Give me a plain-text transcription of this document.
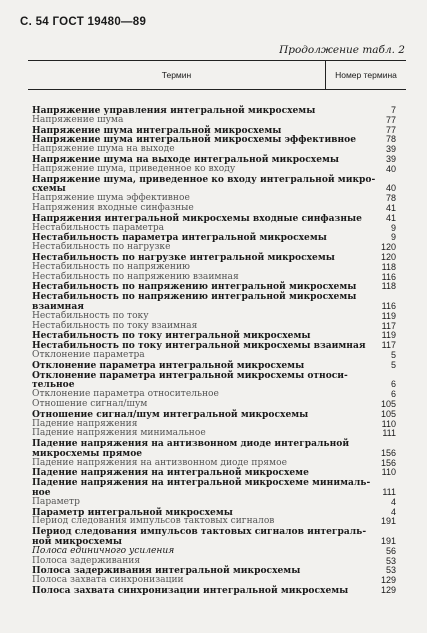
С. 54 ГОСТ 19480—89
Продолжение табл. 2
Термин	Номер термина
Напряжение управления интегральной микросхемы	7
Напряжение шума	77
Напряжение шума интегральной микросхемы	77
Напряжение шума интегральной микросхемы эффективное	78
Напряжение шума на выходе	39
Напряжение шума на выходе интегральной микросхемы	39
Напряжение шума, приведенное ко входу	40
Напряжение шума, приведенное ко входу интегральной микро-
схемы	40
Напряжение шума эффективное	78
Напряжения входные синфазные	41
Напряжения интегральной микросхемы входные синфазные	41
Нестабильность параметра	9
Нестабильность параметра интегральной микросхемы	9
Нестабильность по нагрузке	120
Нестабильность по нагрузке интегральной микросхемы	120
Нестабильность по напряжению	118
Нестабильность по напряжению взаимная	116
Нестабильность по напряжению интегральной микросхемы	118
Нестабильность по напряжению интегральной микросхемы
взаимная	116
Нестабильность по току	119
Нестабильность по току взаимная	117
Нестабильность по току интегральной микросхемы	119
Нестабильность по току интегральной микросхемы взаимная	117
Отклонение параметра	5
Отклонение параметра интегральной микросхемы	5
Отклонение параметра интегральной микросхемы относи-
тельное	6
Отклонение параметра относительное	6
Отношение сигнал/шум	105
Отношение сигнал/шум интегральной микросхемы	105
Падение напряжения	110
Падение напряжения минимальное	111
Падение напряжения на антизвонном диоде интегральной
микросхемы прямое	156
Падение напряжения на антизвонном диоде прямое	156
Падение напряжения на интегральной микросхеме	110
Падение напряжения на интегральной микросхеме минималь-
ное	111
Параметр	4
Параметр интегральной микросхемы	4
Период следования импульсов тактовых сигналов	191
Период следования импульсов тактовых сигналов интеграль-
ной микросхемы	191
Полоса единичного усиления	56
Полоса задерживания	53
Полоса задерживания интегральной микросхемы	53
Полоса захвата синхронизации	129
Полоса захвата синхронизации интегральной микросхемы	129
